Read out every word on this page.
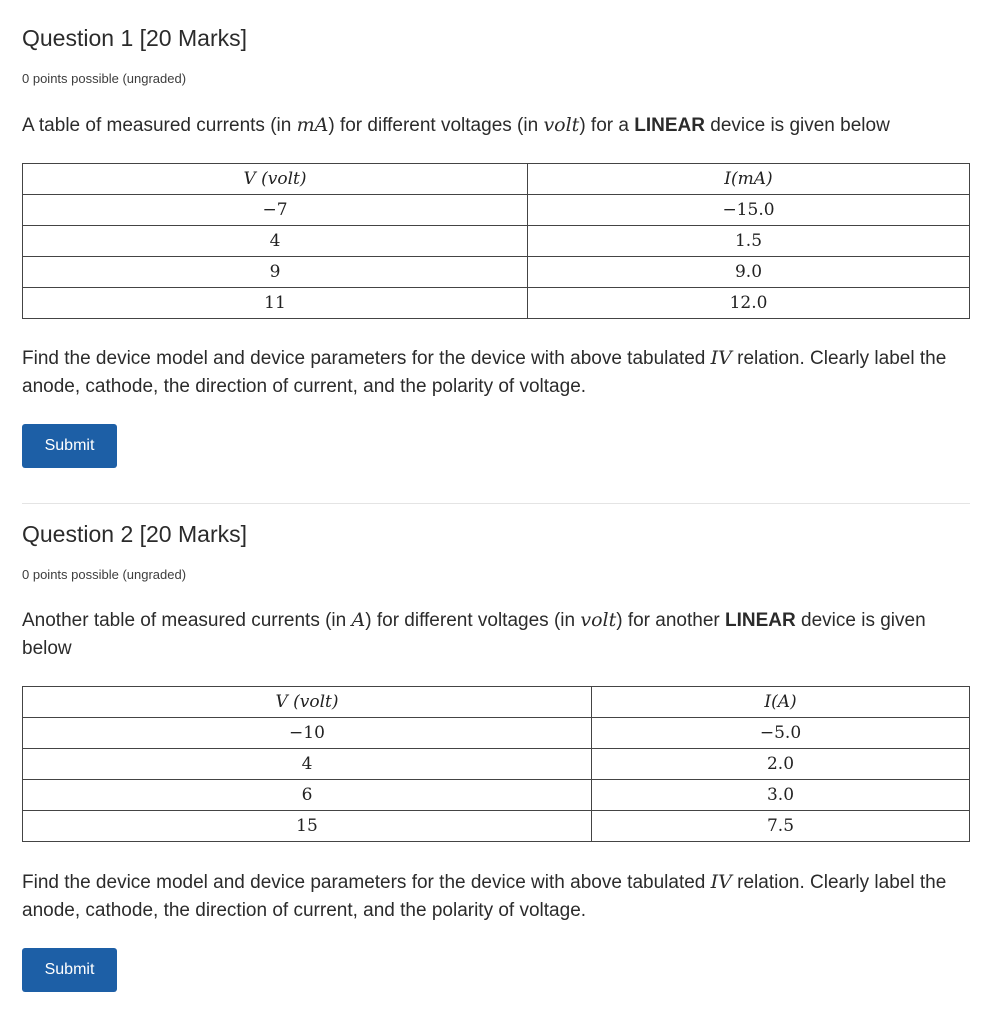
Question 1 [20 Marks]

0 points possible (ungraded)

A table of measured currents (in mA) for different voltages (in volt) for a LINEAR device is given below

V (volt)	I(mA)
−7	−15.0
4	1.5
9	9.0
11	12.0

Find the device model and device parameters for the device with above tabulated IV relation. Clearly label the anode, cathode, the direction of current, and the polarity of voltage.

Submit
Question 2 [20 Marks]

0 points possible (ungraded)

Another table of measured currents (in A) for different voltages (in volt) for another LINEAR device is given below

V (volt)	I(A)
−10	−5.0
4	2.0
6	3.0
15	7.5

Find the device model and device parameters for the device with above tabulated IV relation. Clearly label the anode, cathode, the direction of current, and the polarity of voltage.

Submit
